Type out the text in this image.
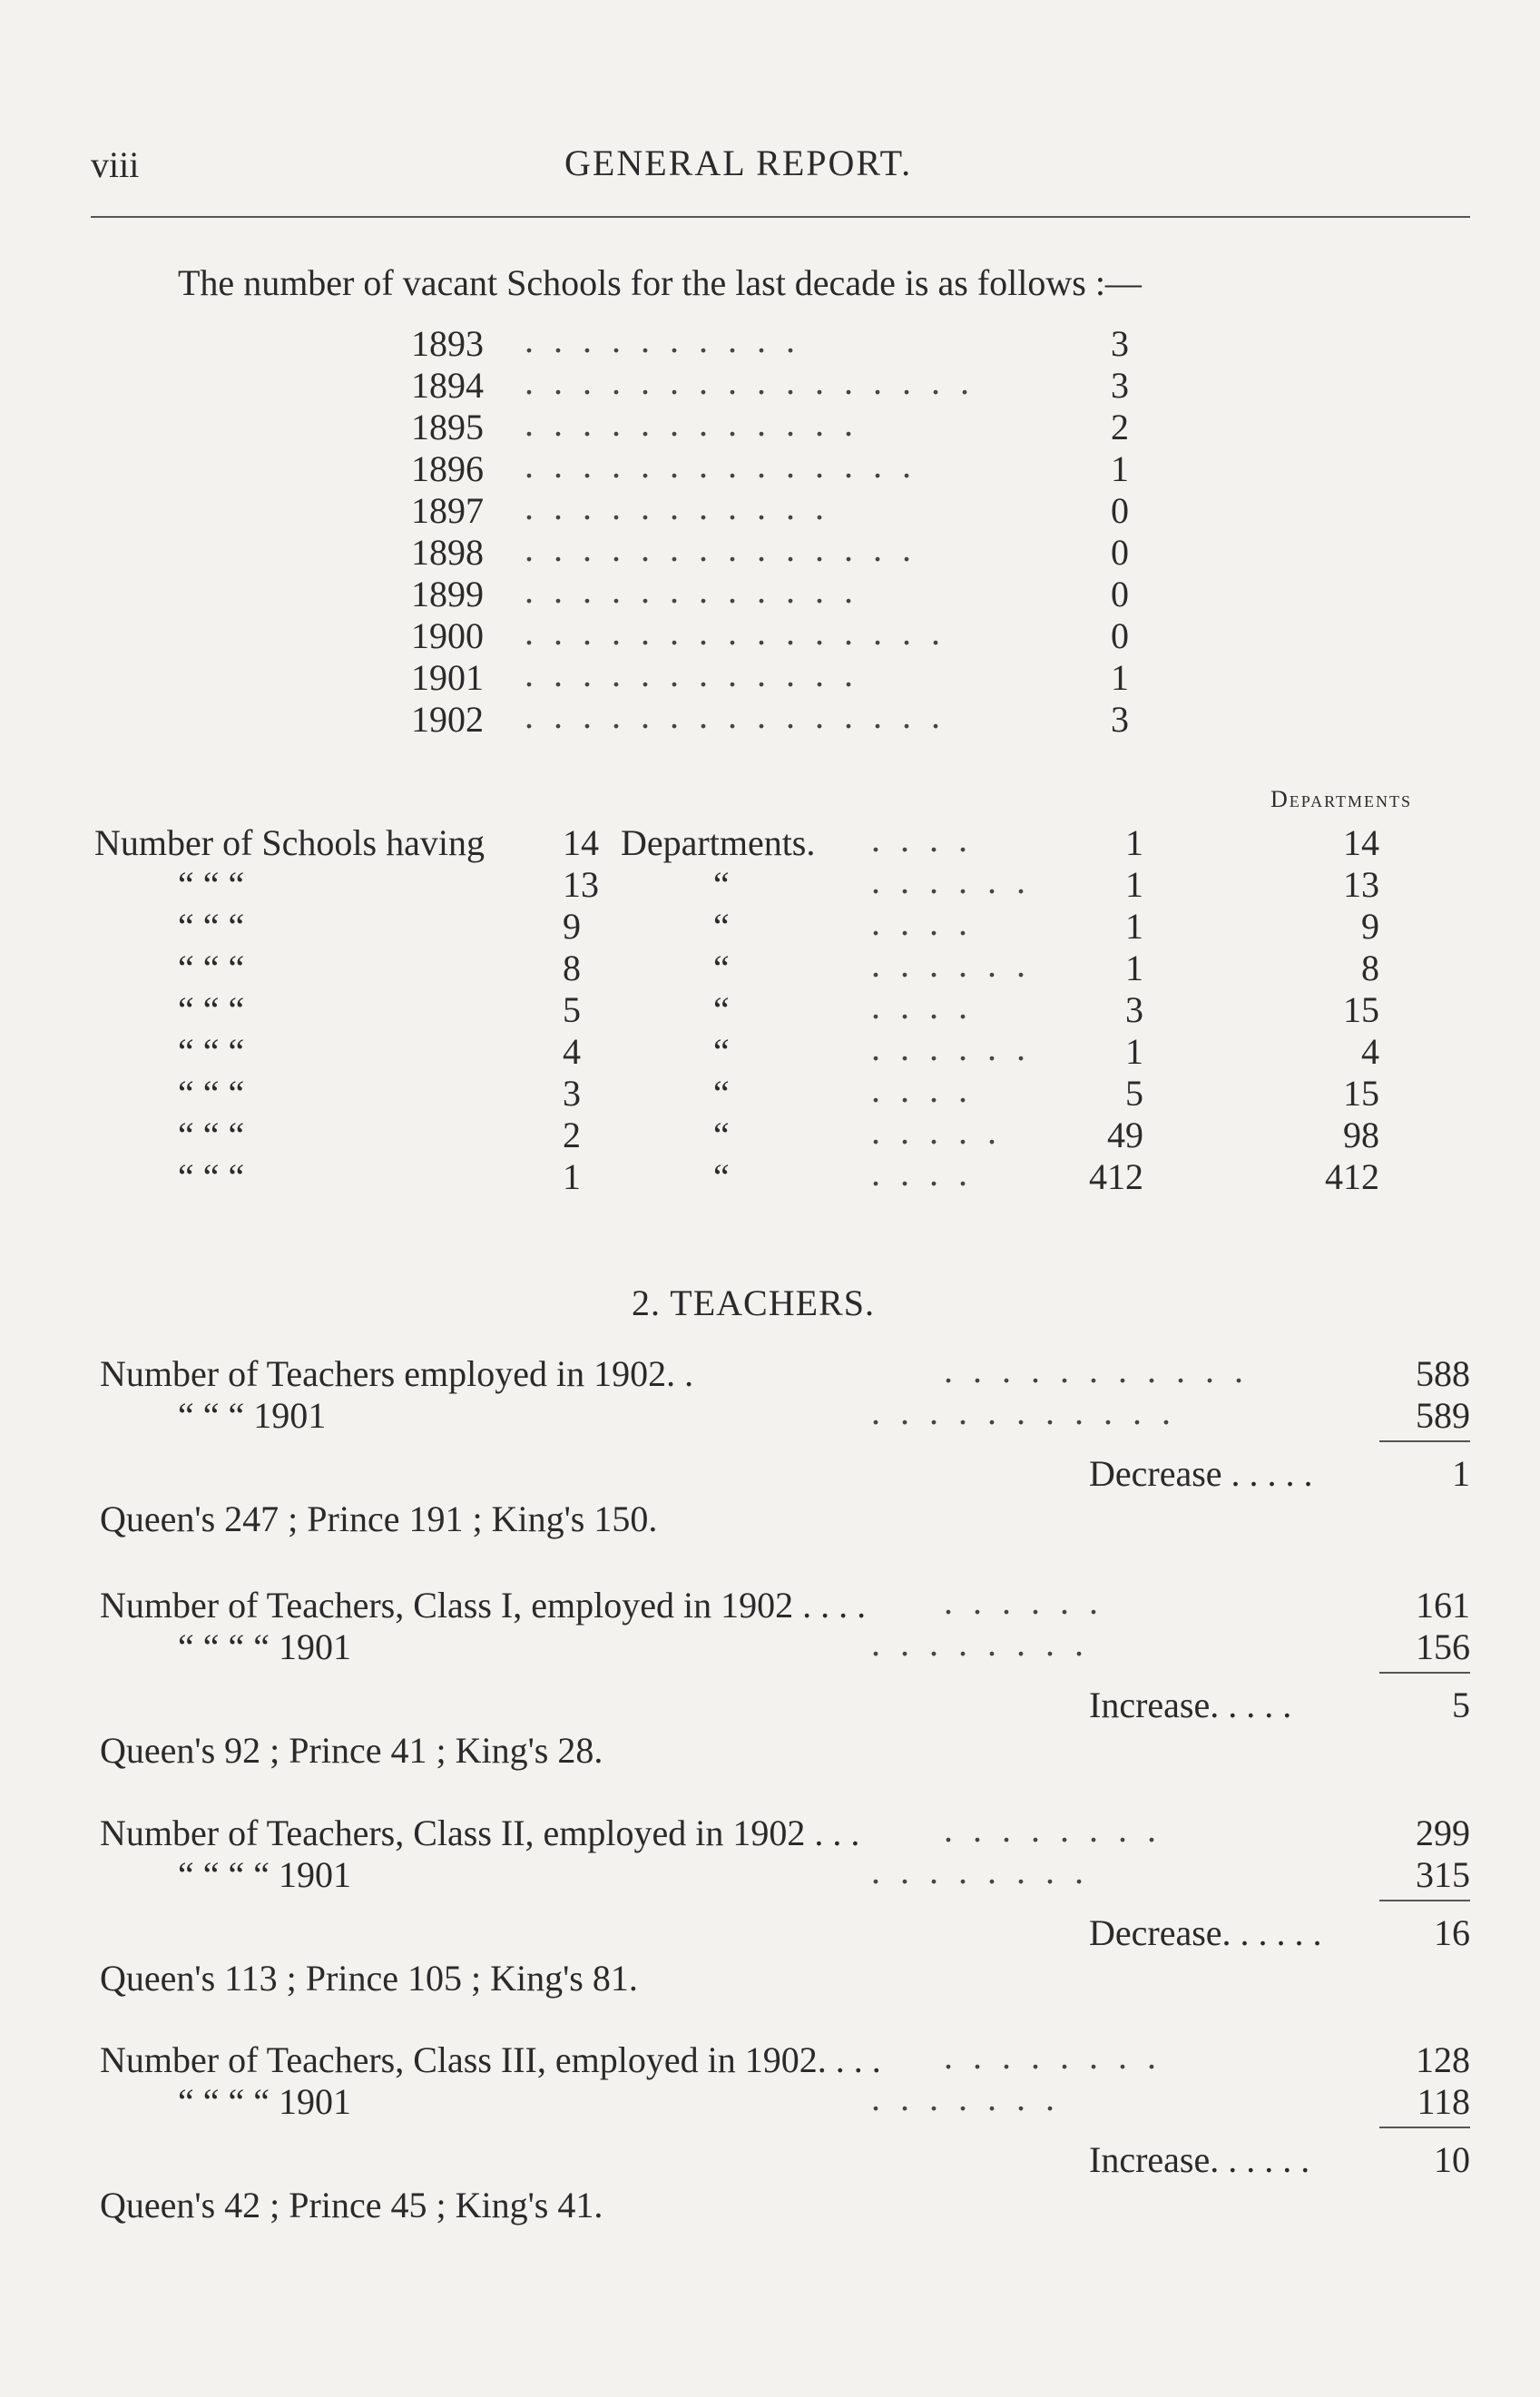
viii	GENERAL REPORT.
The number of vacant Schools for the last decade is as follows :—
1893 . . . . . . . . . .	3
1894 . . . . . . . . . . . . . . . .	3
1895 . . . . . . . . . . . .	2
1896 . . . . . . . . . . . . . .	1
1897 . . . . . . . . . . .	0
1898 . . . . . . . . . . . . . .	0
1899 . . . . . . . . . . . .	0
1900 . . . . . . . . . . . . . . .	0
1901 . . . . . . . . . . . .	1
1902 . . . . . . . . . . . . . . .	3
Departments
Number of Schools having 14 Departments. . . . .	1	14
“ “ “	13	“	. . . . . .	1	13
“ “ “	9	“	. . . .	1	9
“ “ “	8	“	. . . . . .	1	8
“ “ “	5	“	. . . .	3	15
“ “ “	4	“	. . . . . .	1	4
“ “ “	3	“	. . . .	5	15
“ “ “	2	“	. . . . .	49	98
“ “ “	1	“	. . . .	412	412
2. TEACHERS.
Number of Teachers employed in 1902. .	. . . . . . . . . . .	588
“ “ “ 1901	. . . . . . . . . . .	589
Decrease . . . . .	1
Queen's 247 ; Prince 191 ; King's 150.
Number of Teachers, Class I, employed in 1902 . . . . . . . . . .	161
“ “ “ “ 1901	. . . . . . . .	156
Increase. . . . .	5
Queen's 92 ; Prince 41 ; King's 28.
Number of Teachers, Class II, employed in 1902 . . . . . . . . . . .	299
“ “ “ “ 1901	. . . . . . . .	315
Decrease. . . . . .	16
Queen's 113 ; Prince 105 ; King's 81.
Number of Teachers, Class III, employed in 1902. . . . . . . . . . . .	128
“ “ “ “ 1901	. . . . . . .	118
Increase. . . . . .	10
Queen's 42 ; Prince 45 ; King's 41.
